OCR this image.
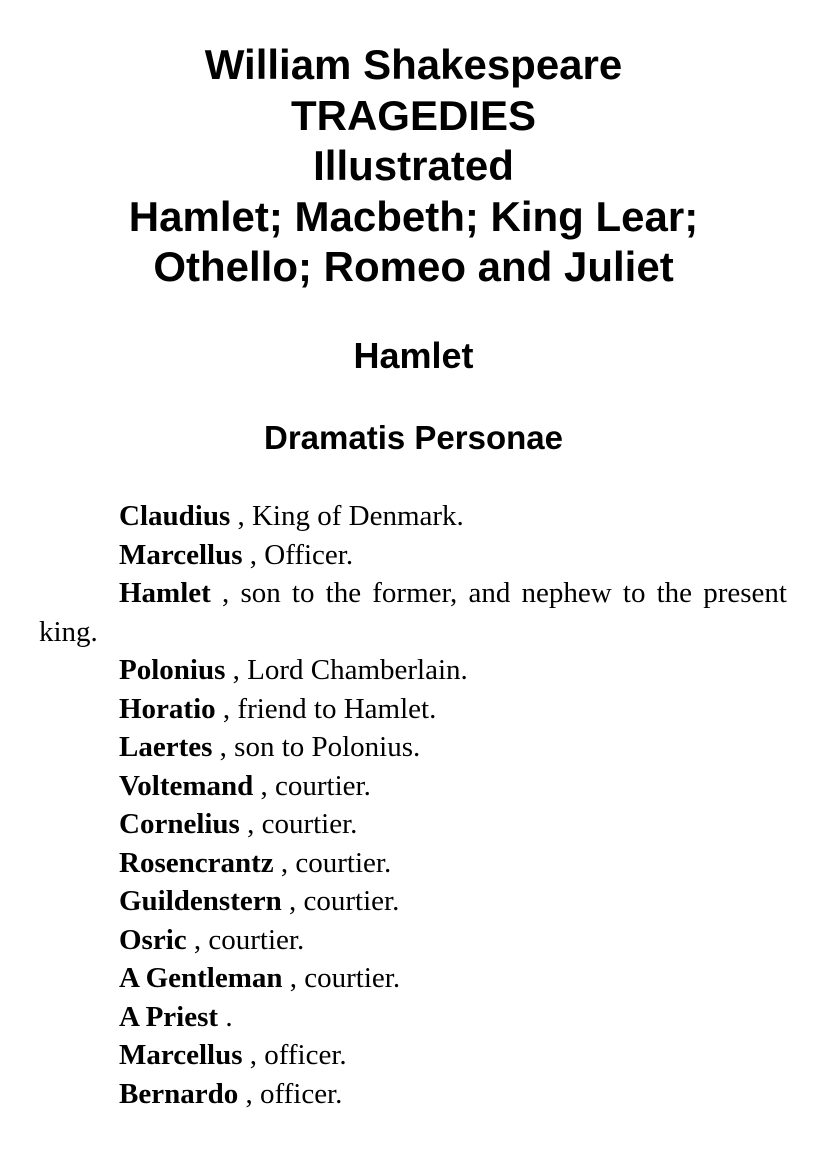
William Shakespeare
TRAGEDIES
Illustrated
Hamlet; Macbeth; King Lear;
Othello; Romeo and Juliet
Hamlet
Dramatis Personae
Claudius , King of Denmark.
Marcellus , Officer.
Hamlet , son to the former, and nephew to the present king.
Polonius , Lord Chamberlain.
Horatio , friend to Hamlet.
Laertes , son to Polonius.
Voltemand , courtier.
Cornelius , courtier.
Rosencrantz , courtier.
Guildenstern , courtier.
Osric , courtier.
A Gentleman , courtier.
A Priest .
Marcellus , officer.
Bernardo , officer.
